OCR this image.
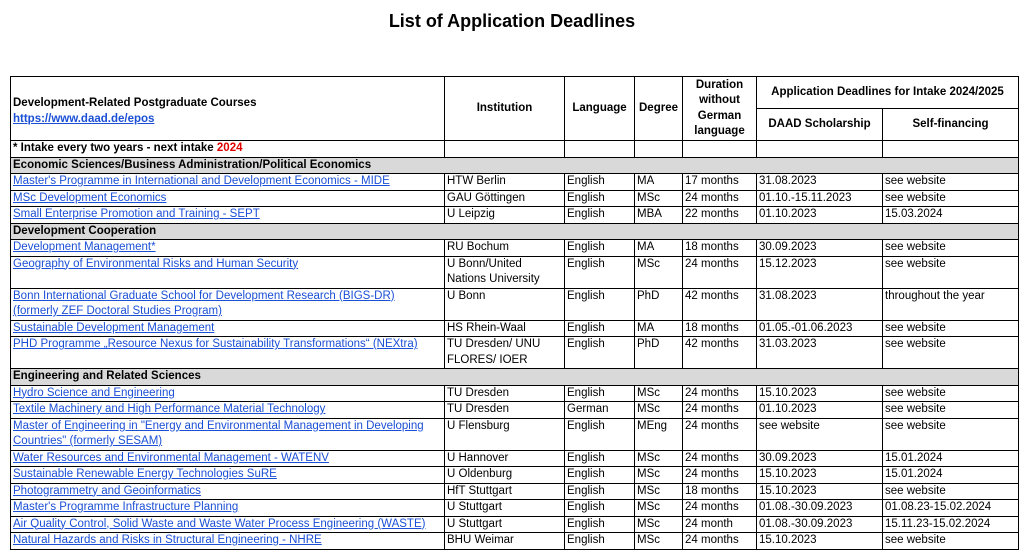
List of Application Deadlines
Development-Related Postgraduate Courses
https://www.daad.de/epos	Institution	Language	Degree	Duration without German language	Application Deadlines for Intake 2024/2025	
					DAAD Scholarship	Self-financing
* Intake every two years - next intake 2024						
Economic Sciences/Business Administration/Political Economics						
Master's Programme in International and Development Economics - MIDE	HTW Berlin	English	MA	17 months	31.08.2023	see website
MSc Development Economics	GAU Göttingen	English	MSc	24 months	01.10.-15.11.2023	see website
Small Enterprise Promotion and Training - SEPT	U Leipzig	English	MBA	22 months	01.10.2023	15.03.2024
Development Cooperation						
Development Management*	RU Bochum	English	MA	18 months	30.09.2023	see website
Geography of Environmental Risks and Human Security	U Bonn/United Nations University	English	MSc	24 months	15.12.2023	see website
Bonn International Graduate School for Development Research (BIGS-DR) (formerly ZEF Doctoral Studies Program)	U Bonn	English	PhD	42 months	31.08.2023	throughout the year
Sustainable Development Management	HS Rhein-Waal	English	MA	18 months	01.05.-01.06.2023	see website
PHD Programme „Resource Nexus for Sustainability Transformations“ (NEXtra)	TU Dresden/ UNU FLORES/ IOER	English	PhD	42 months	31.03.2023	see website
Engineering and Related Sciences						
Hydro Science and Engineering	TU Dresden	English	MSc	24 months	15.10.2023	see website
Textile Machinery and High Performance Material Technology	TU Dresden	German	MSc	24 months	01.10.2023	see website
Master of Engineering in "Energy and Environmental Management in Developing Countries" (formerly SESAM)	U Flensburg	English	MEng	24 months	see website	see website
Water Resources and Environmental Management - WATENV	U Hannover	English	MSc	24 months	30.09.2023	15.01.2024
Sustainable Renewable Energy Technologies SuRE	U Oldenburg	English	MSc	24 months	15.10.2023	15.01.2024
Photogrammetry and Geoinformatics	HfT Stuttgart	English	MSc	18 months	15.10.2023	see website
Master's Programme Infrastructure Planning	U Stuttgart	English	MSc	24 months	01.08.-30.09.2023	01.08.23-15.02.2024
Air Quality Control, Solid Waste and Waste Water Process Engineering (WASTE)	U Stuttgart	English	MSc	24 month	01.08.-30.09.2023	15.11.23-15.02.2024
Natural Hazards and Risks in Structural Engineering - NHRE	BHU Weimar	English	MSc	24 months	15.10.2023	see website
